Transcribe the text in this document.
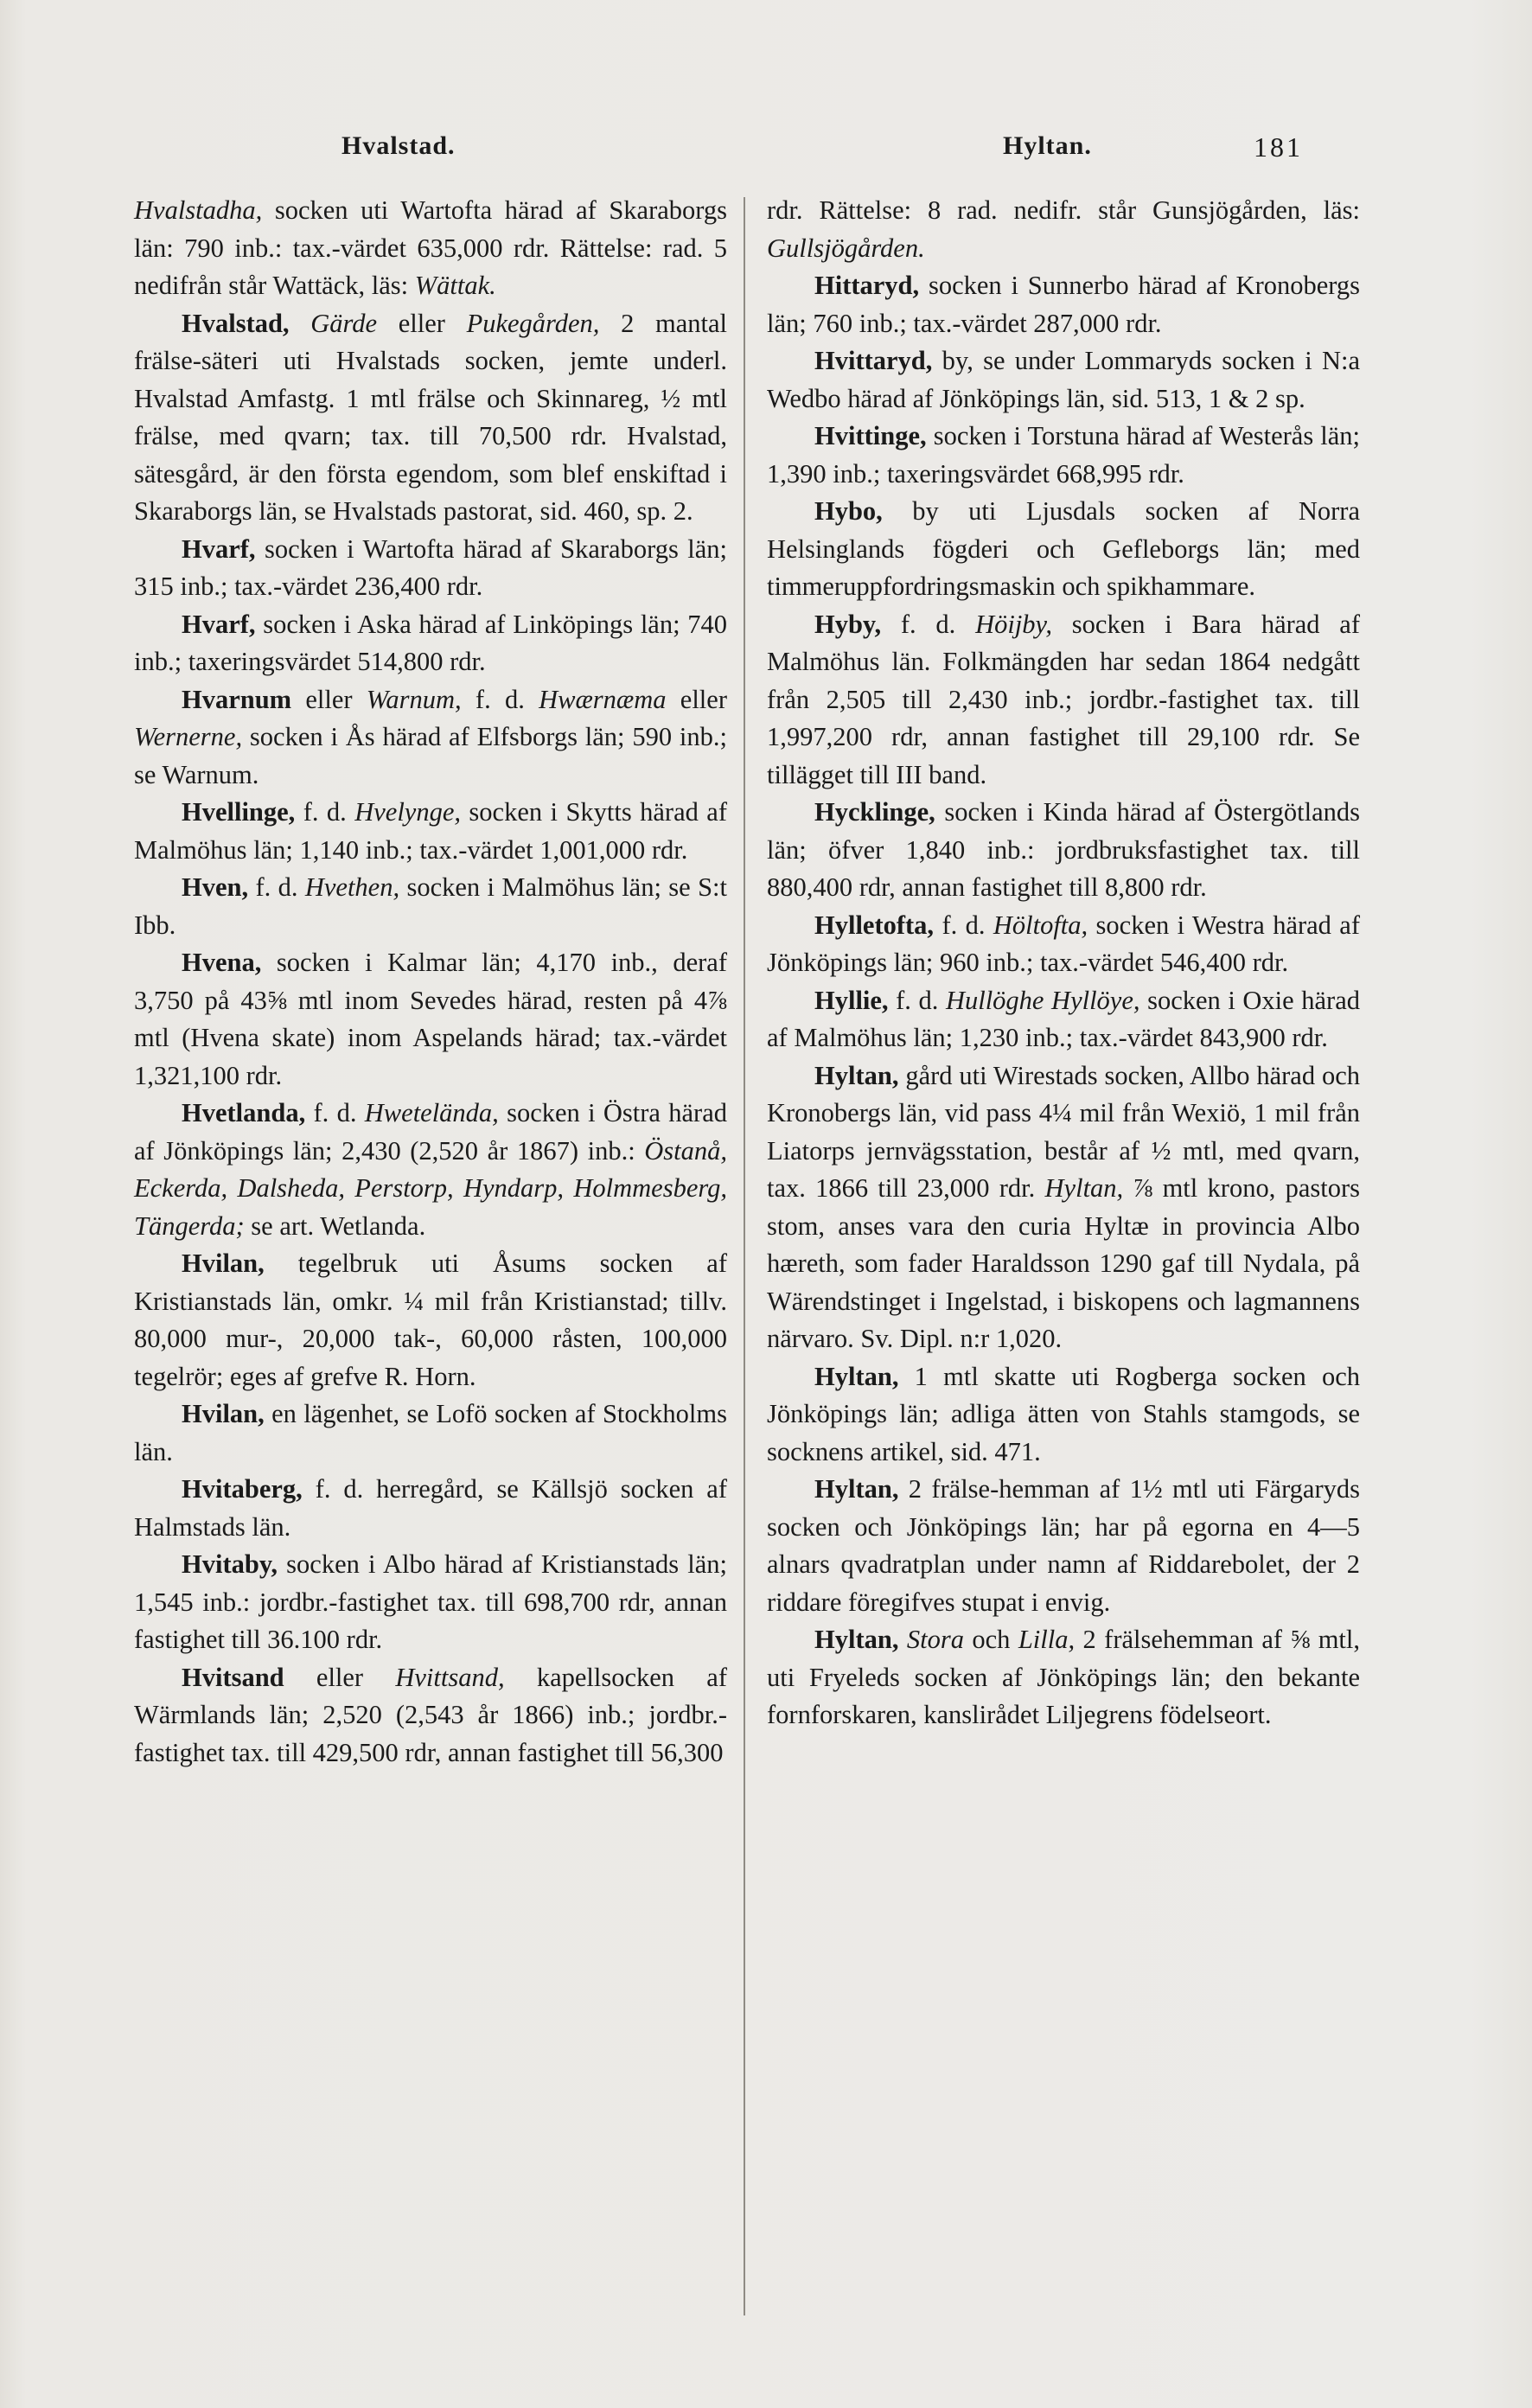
Hvalstad.	Hyltan.	181

Hvalstadha, socken uti Wartofta härad af Skaraborgs län: 790 inb.: tax.-värdet 635,000 rdr. Rättelse: rad. 5 nedifrån står Wattäck, läs: Wättak.

Hvalstad, Gärde eller Pukegården, 2 mantal frälse-säteri uti Hvalstads socken, jemte underl. Hvalstad Amfastg. 1 mtl frälse och Skinnareg, ½ mtl frälse, med qvarn; tax. till 70,500 rdr. Hvalstad, sätesgård, är den första egendom, som blef enskiftad i Skaraborgs län, se Hvalstads pastorat, sid. 460, sp. 2.

Hvarf, socken i Wartofta härad af Skaraborgs län; 315 inb.; tax.-värdet 236,400 rdr.

Hvarf, socken i Aska härad af Linköpings län; 740 inb.; taxeringsvärdet 514,800 rdr.

Hvarnum eller Warnum, f. d. Hwærnæma eller Wernerne, socken i Ås härad af Elfsborgs län; 590 inb.; se Warnum.

Hvellinge, f. d. Hvelynge, socken i Skytts härad af Malmöhus län; 1,140 inb.; tax.-värdet 1,001,000 rdr.

Hven, f. d. Hvethen, socken i Malmöhus län; se S:t Ibb.

Hvena, socken i Kalmar län; 4,170 inb., deraf 3,750 på 43⅝ mtl inom Sevedes härad, resten på 4⅞ mtl (Hvena skate) inom Aspelands härad; tax.-värdet 1,321,100 rdr.

Hvetlanda, f. d. Hwetelända, socken i Östra härad af Jönköpings län; 2,430 (2,520 år 1867) inb.: Östanå, Eckerda, Dalsheda, Perstorp, Hyndarp, Holmmesberg, Tängerda; se art. Wetlanda.

Hvilan, tegelbruk uti Åsums socken af Kristianstads län, omkr. ¼ mil från Kristianstad; tillv. 80,000 mur-, 20,000 tak-, 60,000 råsten, 100,000 tegelrör; eges af grefve R. Horn.

Hvilan, en lägenhet, se Lofö socken af Stockholms län.

Hvitaberg, f. d. herregård, se Källsjö socken af Halmstads län.

Hvitaby, socken i Albo härad af Kristianstads län; 1,545 inb.: jordbr.-fastighet tax. till 698,700 rdr, annan fastighet till 36.100 rdr.

Hvitsand eller Hvittsand, kapellsocken af Wärmlands län; 2,520 (2,543 år 1866) inb.; jordbr.-fastighet tax. till 429,500 rdr, annan fastighet till 56,300

rdr. Rättelse: 8 rad. nedifr. står Gunsjögården, läs: Gullsjögården.

Hittaryd, socken i Sunnerbo härad af Kronobergs län; 760 inb.; tax.-värdet 287,000 rdr.

Hvittaryd, by, se under Lommaryds socken i N:a Wedbo härad af Jönköpings län, sid. 513, 1 & 2 sp.

Hvittinge, socken i Torstuna härad af Westerås län; 1,390 inb.; taxeringsvärdet 668,995 rdr.

Hybo, by uti Ljusdals socken af Norra Helsinglands fögderi och Gefleborgs län; med timmeruppfordringsmaskin och spikhammare.

Hyby, f. d. Höijby, socken i Bara härad af Malmöhus län. Folkmängden har sedan 1864 nedgått från 2,505 till 2,430 inb.; jordbr.-fastighet tax. till 1,997,200 rdr, annan fastighet till 29,100 rdr. Se tillägget till III band.

Hycklinge, socken i Kinda härad af Östergötlands län; öfver 1,840 inb.: jordbruksfastighet tax. till 880,400 rdr, annan fastighet till 8,800 rdr.

Hylletofta, f. d. Höltofta, socken i Westra härad af Jönköpings län; 960 inb.; tax.-värdet 546,400 rdr.

Hyllie, f. d. Hullöghe Hyllöye, socken i Oxie härad af Malmöhus län; 1,230 inb.; tax.-värdet 843,900 rdr.

Hyltan, gård uti Wirestads socken, Allbo härad och Kronobergs län, vid pass 4¼ mil från Wexiö, 1 mil från Liatorps jernvägsstation, består af ½ mtl, med qvarn, tax. 1866 till 23,000 rdr. Hyltan, ⅞ mtl krono, pastors stom, anses vara den curia Hyltæ in provincia Albo hæreth, som fader Haraldsson 1290 gaf till Nydala, på Wärendstinget i Ingelstad, i biskopens och lagmannens närvaro. Sv. Dipl. n:r 1,020.

Hyltan, 1 mtl skatte uti Rogberga socken och Jönköpings län; adliga ätten von Stahls stamgods, se socknens artikel, sid. 471.

Hyltan, 2 frälse-hemman af 1½ mtl uti Färgaryds socken och Jönköpings län; har på egorna en 4—5 alnars qvadratplan under namn af Riddarebolet, der 2 riddare föregifves stupat i envig.

Hyltan, Stora och Lilla, 2 frälsehemman af ⅝ mtl, uti Fryeleds socken af Jönköpings län; den bekante fornforskaren, kanslirådet Liljegrens födelseort.
